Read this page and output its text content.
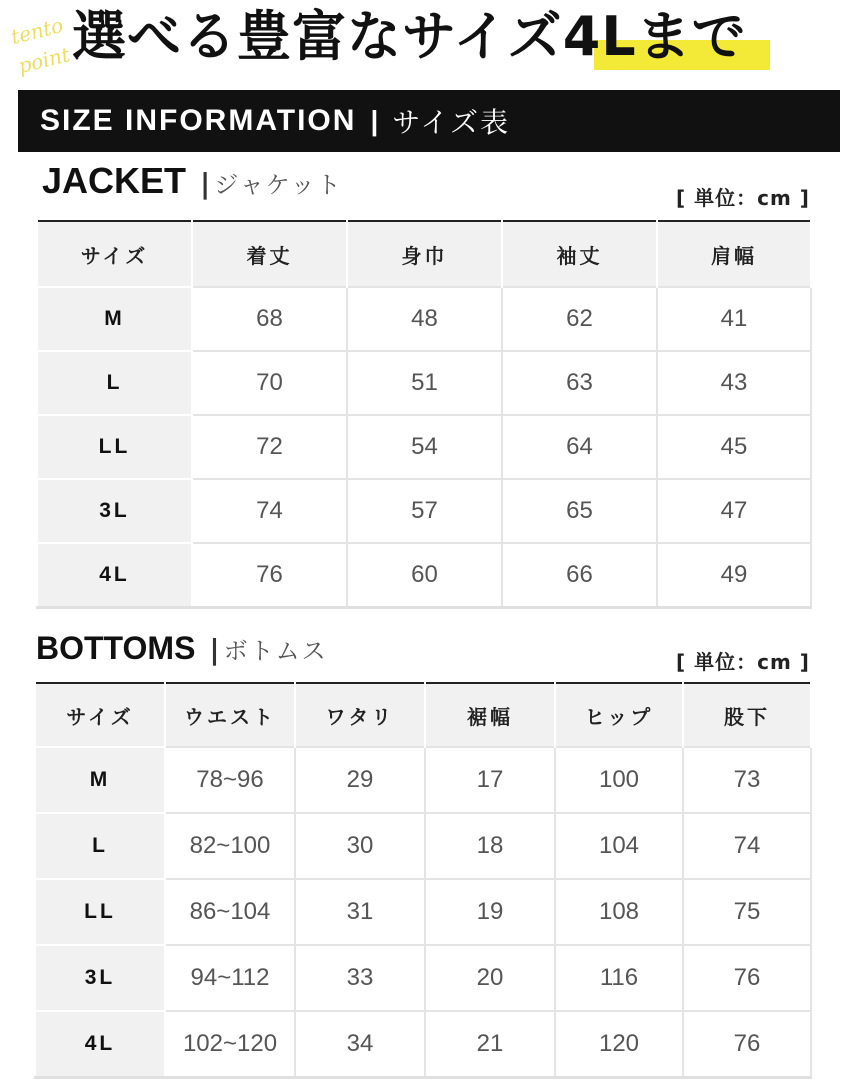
tento
point 選べる豊富なサイズ4Lまで
SIZE INFORMATION | サイズ表
JACKET | ジャケット	[ 単位：cm ]
サイズ	着丈	身巾	袖丈	肩幅
M	68	48	62	41
L	70	51	63	43
LL	72	54	64	45
3L	74	57	65	47
4L	76	60	66	49
BOTTOMS | ボトムス	[ 単位：cm ]
サイズ	ウエスト	ワタリ	裾幅	ヒップ	股下
M	78~96	29	17	100	73
L	82~100	30	18	104	74
LL	86~104	31	19	108	75
3L	94~112	33	20	116	76
4L	102~120	34	21	120	76
